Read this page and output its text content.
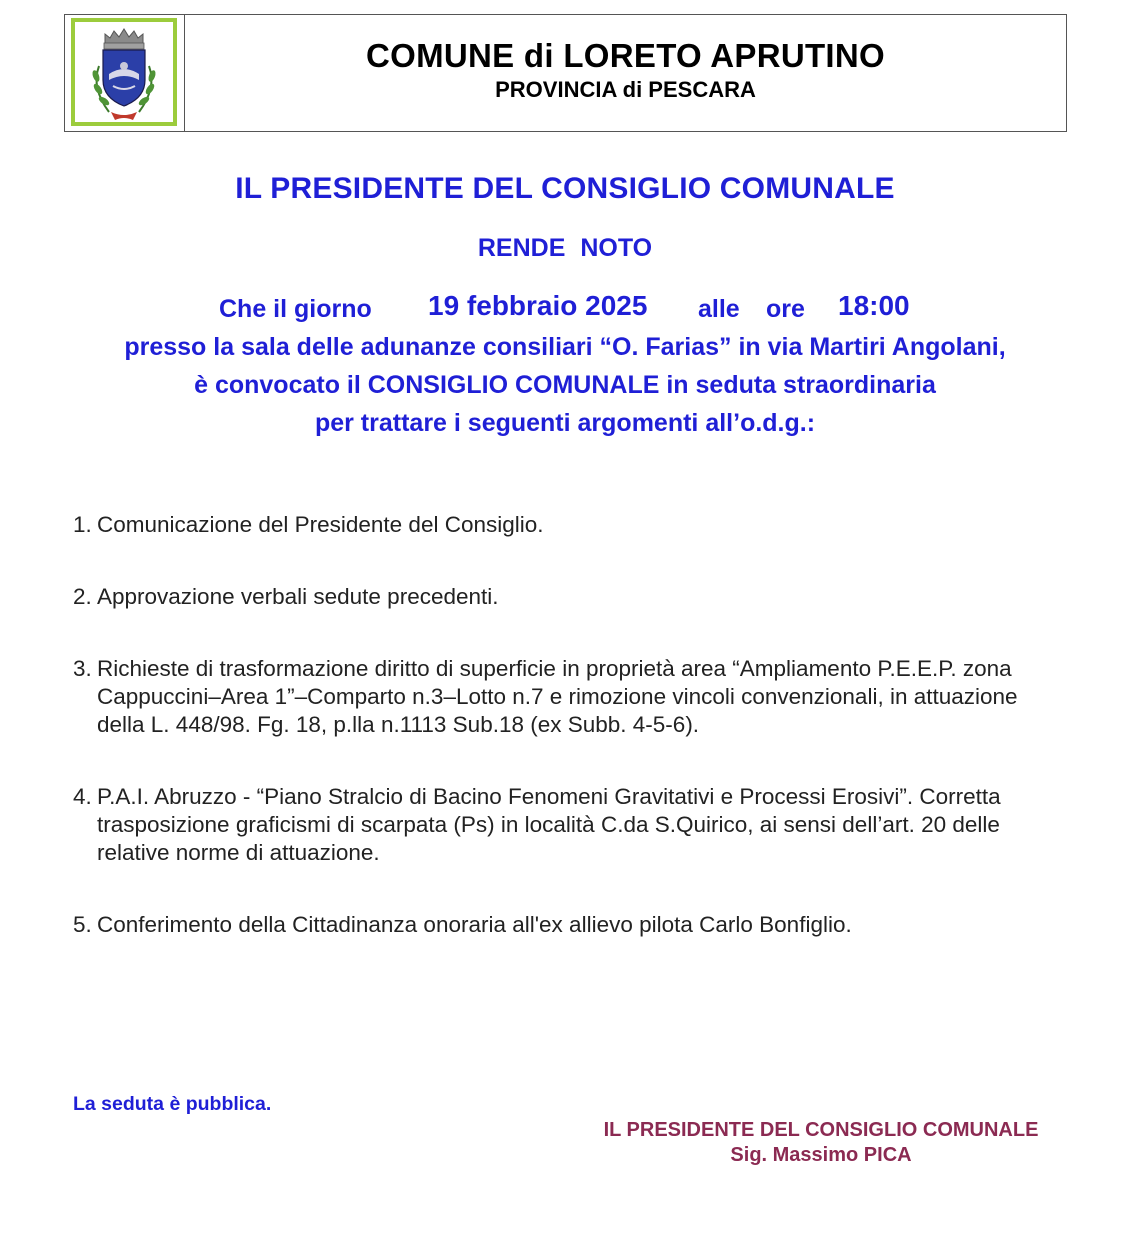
COMUNE di LORETO APRUTINO
PROVINCIA di PESCARA
IL PRESIDENTE DEL CONSIGLIO COMUNALE
RENDE NOTO
Che il giorno 19 febbraio 2025 alle ore 18:00
presso la sala delle adunanze consiliari “O. Farias” in via Martiri Angolani,
è convocato il CONSIGLIO COMUNALE in seduta straordinaria
per trattare i seguenti argomenti all’o.d.g.:
1. Comunicazione del Presidente del Consiglio.
2. Approvazione verbali sedute precedenti.
3. Richieste di trasformazione diritto di superficie in proprietà area “Ampliamento P.E.E.P. zona Cappuccini–Area 1”–Comparto n.3–Lotto n.7 e rimozione vincoli convenzionali, in attuazione della L. 448/98. Fg. 18, p.lla n.1113 Sub.18 (ex Subb. 4-5-6).
4. P.A.I. Abruzzo - “Piano Stralcio di Bacino Fenomeni Gravitativi e Processi Erosivi”. Corretta trasposizione graficismi di scarpata (Ps) in località C.da S.Quirico, ai sensi dell’art. 20 delle relative norme di attuazione.
5. Conferimento della Cittadinanza onoraria all'ex allievo pilota Carlo Bonfiglio.
La seduta è pubblica.
IL PRESIDENTE DEL CONSIGLIO COMUNALE
Sig. Massimo PICA
